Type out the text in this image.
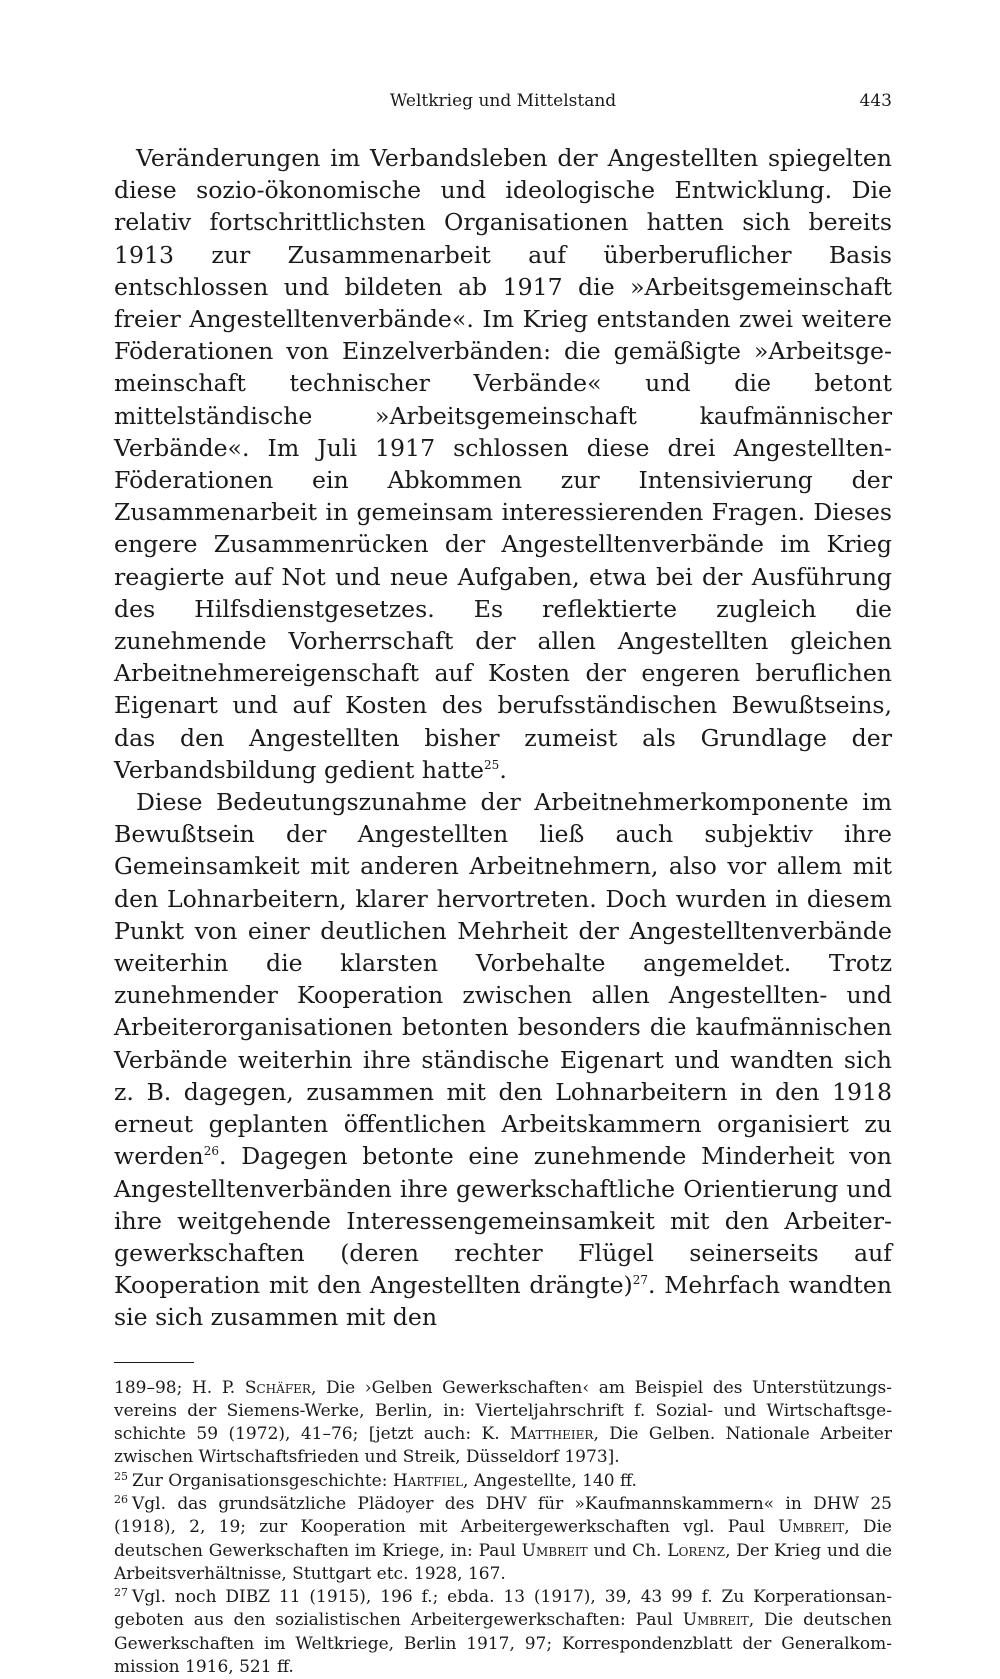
Weltkrieg und Mittelstand	443

Veränderungen im Verbandsleben der Angestellten spiegelten diese sozio-ökonomische und ideologische Entwicklung. Die relativ fortschrittlichsten Organisationen hatten sich bereits 1913 zur Zusammenarbeit auf überberuflicher Basis entschlossen und bildeten ab 1917 die »Arbeitsgemeinschaft freier Angestelltenverbände«. Im Krieg entstanden zwei weitere Föderationen von Einzelverbänden: die gemäßigte »Arbeitsgemeinschaft technischer Verbände« und die betont mittelständische »Arbeitsgemeinschaft kaufmännischer Verbände«. Im Juli 1917 schlossen diese drei Angestellten-Föderationen ein Abkommen zur Intensivierung der Zusammenarbeit in gemeinsam interessierenden Fragen. Dieses engere Zusammenrücken der Angestelltenverbände im Krieg reagierte auf Not und neue Aufgaben, etwa bei der Ausführung des Hilfsdienstgesetzes. Es reflektierte zugleich die zunehmende Vorherrschaft der allen Angestellten gleichen Arbeitnehmereigenschaft auf Kosten der engeren beruflichen Eigenart und auf Kosten des berufsständischen Bewußtseins, das den Angestellten bisher zumeist als Grundlage der Verbandsbildung gedient hatte$^{25}$.

Diese Bedeutungszunahme der Arbeitnehmerkomponente im Bewußtsein der Angestellten ließ auch subjektiv ihre Gemeinsamkeit mit anderen Arbeitnehmern, also vor allem mit den Lohnarbeitern, klarer hervortreten. Doch wurden in diesem Punkt von einer deutlichen Mehrheit der Angestelltenverbände weiterhin die klarsten Vorbehalte angemeldet. Trotz zunehmender Kooperation zwischen allen Angestellten- und Arbeiterorganisationen betonten besonders die kaufmännischen Verbände weiterhin ihre ständische Eigenart und wandten sich z. B. dagegen, zusammen mit den Lohnarbeitern in den 1918 erneut geplanten öffentlichen Arbeitskammern organisiert zu werden$^{26}$. Dagegen betonte eine zunehmende Minderheit von Angestelltenverbänden ihre gewerkschaftliche Orientierung und ihre weitgehende Interessengemeinsamkeit mit den Arbeitergewerkschaften (deren rechter Flügel seinerseits auf Kooperation mit den Angestellten drängte)$^{27}$. Mehrfach wandten sie sich zusammen mit den

189–98; H. P. Schäfer, Die ›Gelben Gewerkschaften‹ am Beispiel des Unterstützungsvereins der Siemens-Werke, Berlin, in: Vierteljahrschrift f. Sozial- und Wirtschaftsgeschichte 59 (1972), 41–76; [jetzt auch: K. Mattheier, Die Gelben. Nationale Arbeiter zwischen Wirtschaftsfrieden und Streik, Düsseldorf 1973].

$^{25}$ Zur Organisationsgeschichte: Hartfiel, Angestellte, 140 ff.

$^{26}$ Vgl. das grundsätzliche Plädoyer des DHV für »Kaufmannskammern« in DHW 25 (1918), 2, 19; zur Kooperation mit Arbeitergewerkschaften vgl. Paul Umbreit, Die deutschen Gewerkschaften im Kriege, in: Paul Umbreit und Ch. Lorenz, Der Krieg und die Arbeitsverhältnisse, Stuttgart etc. 1928, 167.

$^{27}$ Vgl. noch DIBZ 11 (1915), 196 f.; ebda. 13 (1917), 39, 43 99 f. Zu Korperationsangeboten aus den sozialistischen Arbeitergewerkschaften: Paul Umbreit, Die deutschen Gewerkschaften im Weltkriege, Berlin 1917, 97; Korrespondenzblatt der Generalkommission 1916, 521 ff.
